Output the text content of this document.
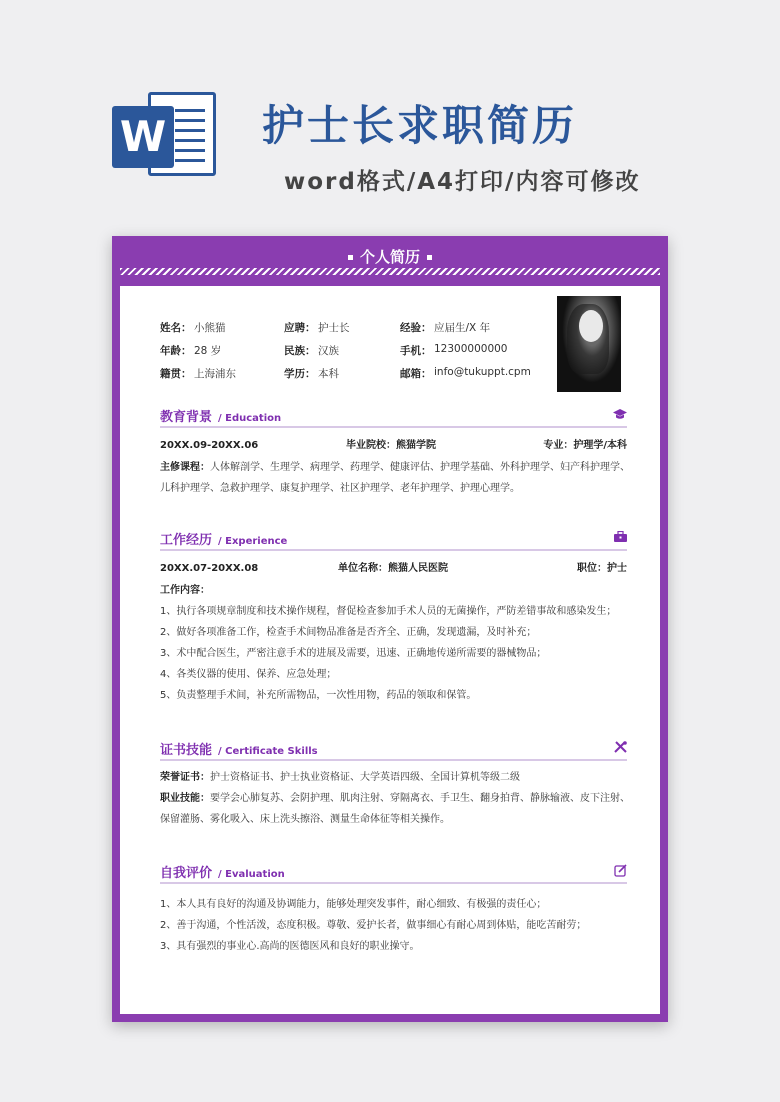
W 护士长求职简历
word格式/A4打印/内容可修改
个人简历
姓名： 小熊猫	应聘： 护士长	经验： 应届生/X 年
年龄： 28 岁	民族： 汉族	手机： 12300000000
籍贯： 上海浦东	学历： 本科	邮箱： info@tukuppt.cpm
教育背景 / Education
20XX.09-20XX.06	毕业院校：熊猫学院	专业：护理学/本科
主修课程：人体解剖学、生理学、病理学、药理学、健康评估、护理学基础、外科护理学、妇产科护理学、
儿科护理学、急救护理学、康复护理学、社区护理学、老年护理学、护理心理学。
工作经历 / Experience
20XX.07-20XX.08	单位名称：熊猫人民医院	职位：护士
工作内容：
1、执行各项规章制度和技术操作规程，督促检查参加手术人员的无菌操作，严防差错事故和感染发生；
2、做好各项准备工作，检查手术间物品准备是否齐全、正确，发现遗漏，及时补充；
3、术中配合医生，严密注意手术的进展及需要，迅速、正确地传递所需要的器械物品；
4、各类仪器的使用、保养、应急处理；
5、负责整理手术间，补充所需物品，一次性用物，药品的领取和保管。
证书技能 / Certificate Skills
荣誉证书：护士资格证书、护士执业资格证、大学英语四级、全国计算机等级二级
职业技能：要学会心肺复苏、会阴护理、肌肉注射、穿隔离衣、手卫生、翻身拍背、静脉输液、皮下注射、
保留灌肠、雾化吸入、床上洗头擦浴、测量生命体征等相关操作。
自我评价 / Evaluation
1、本人具有良好的沟通及协调能力，能够处理突发事件，耐心细致、有极强的责任心；
2、善于沟通，个性活泼，态度积极。尊敬、爱护长者，做事细心有耐心周到体贴，能吃苦耐劳；
3、具有强烈的事业心.高尚的医德医风和良好的职业操守。
